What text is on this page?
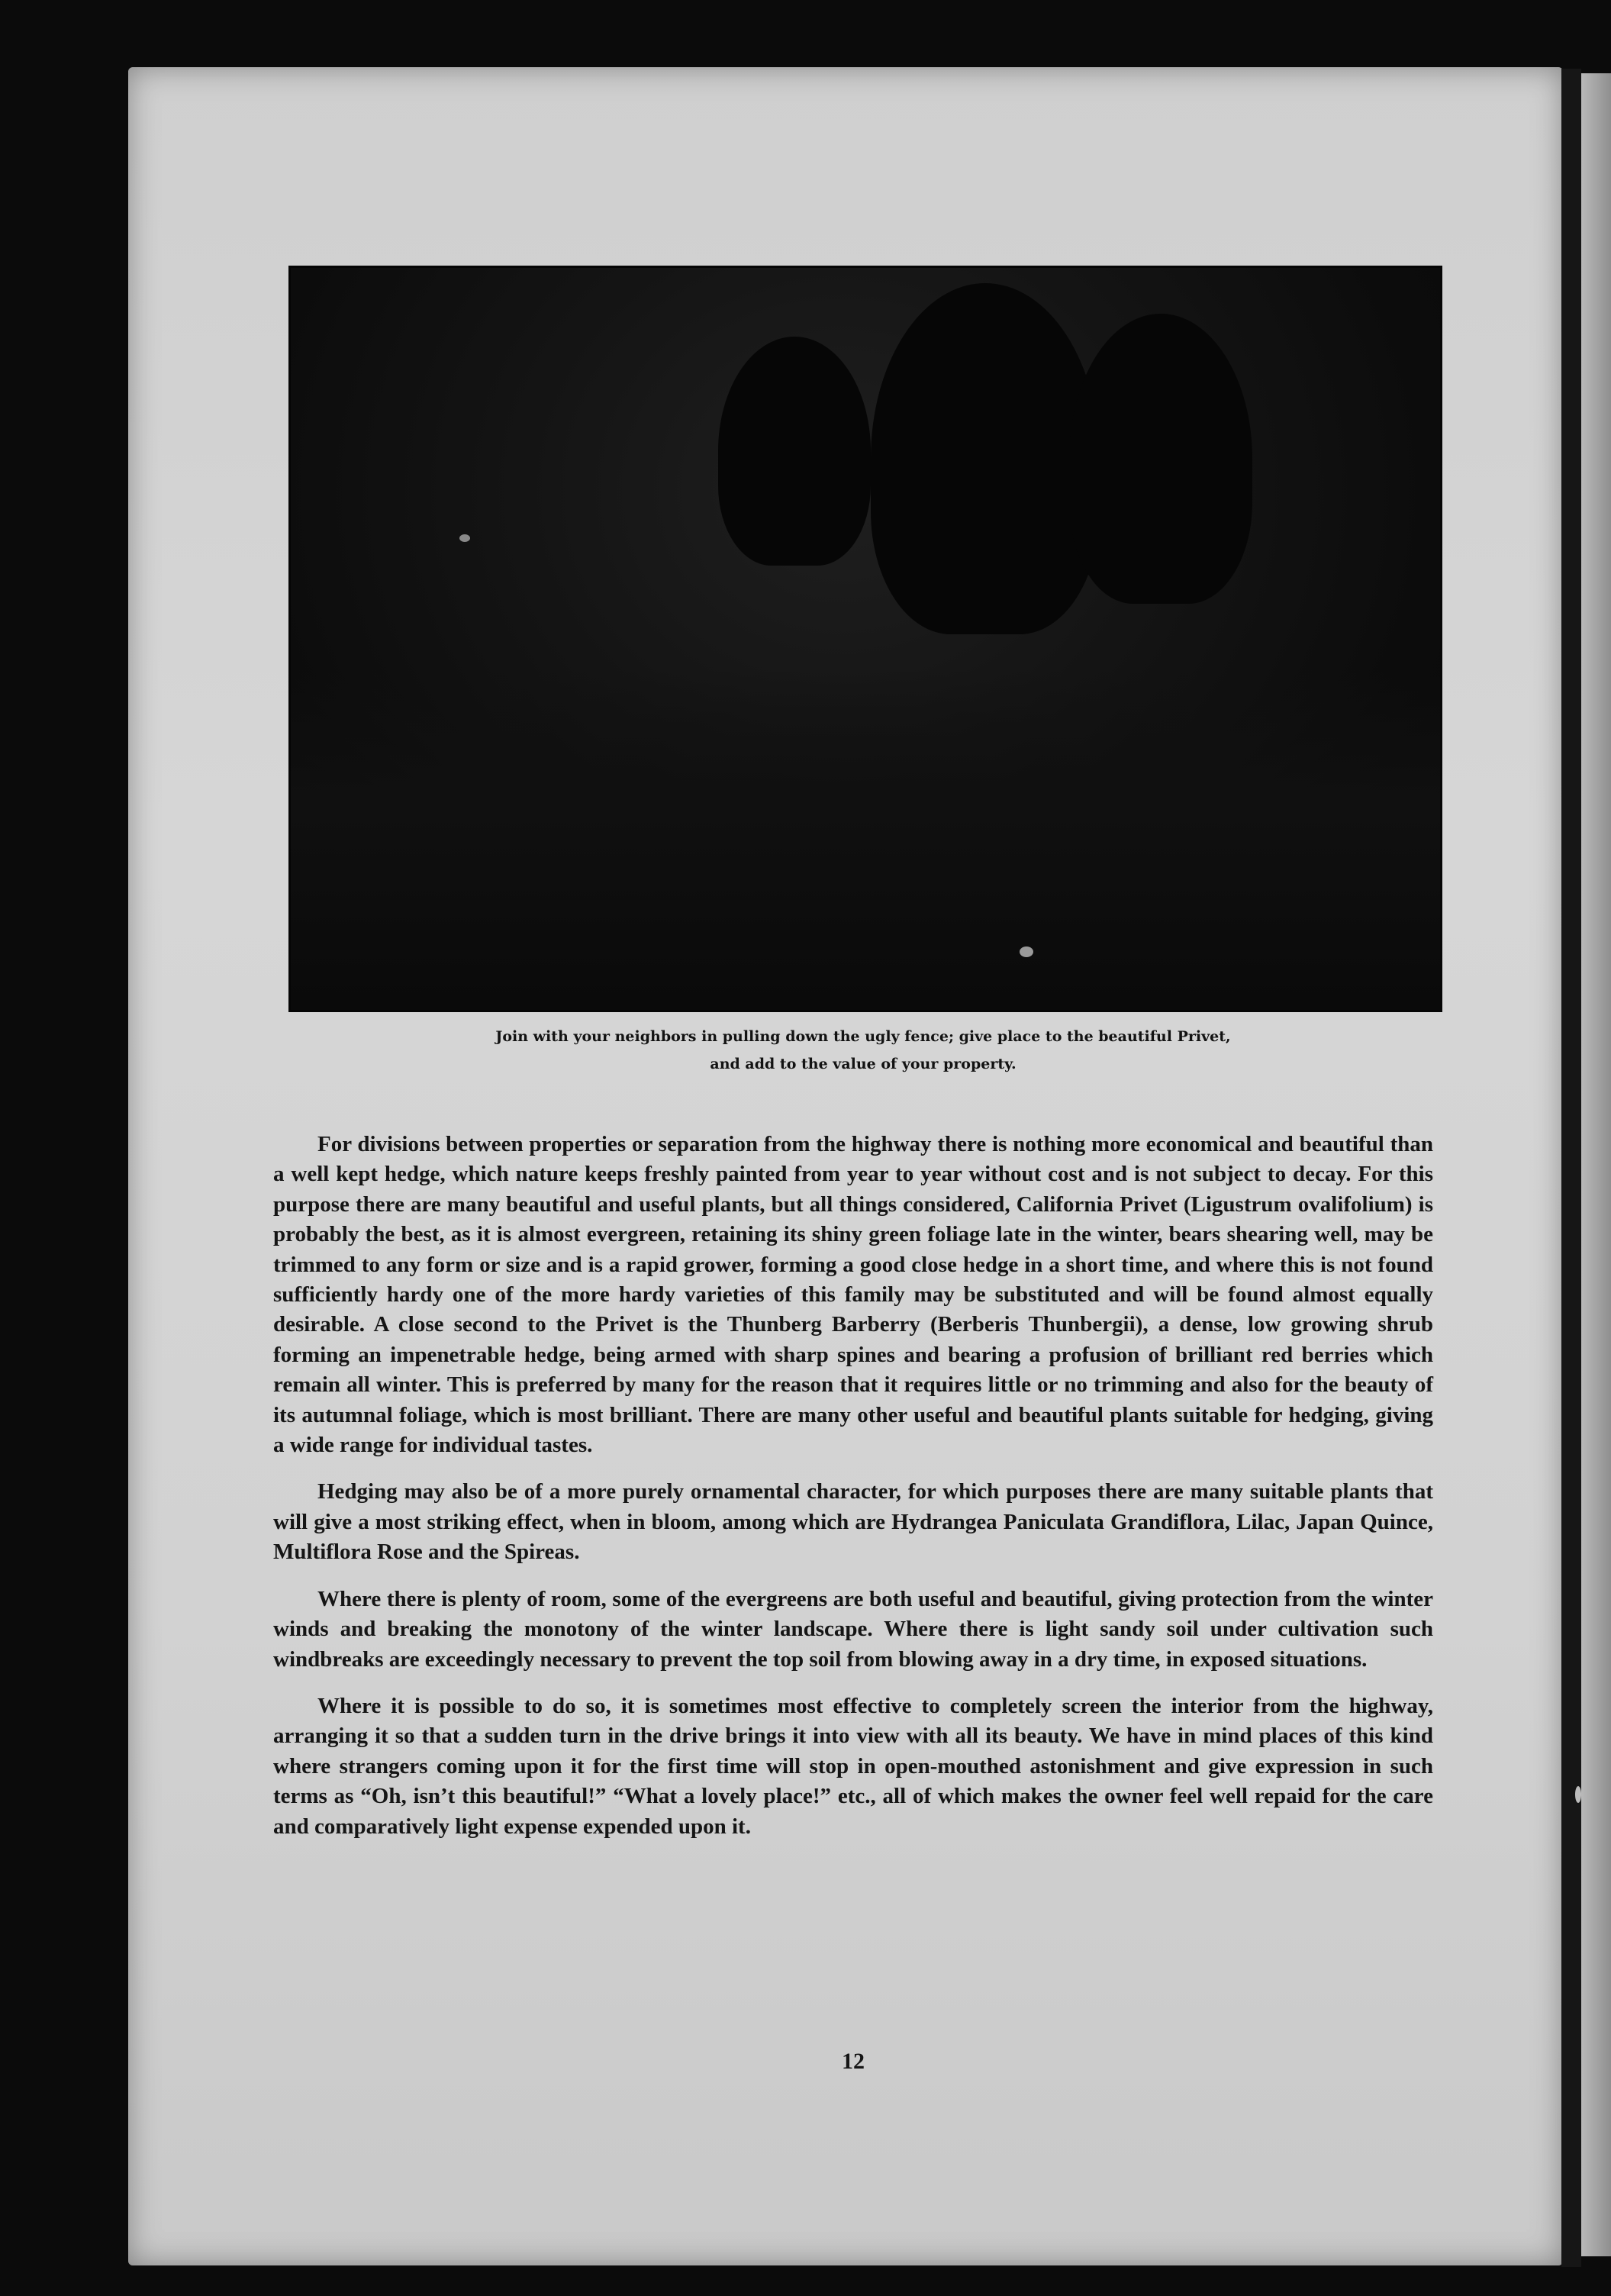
Join with your neighbors in pulling down the ugly fence; give place to the beautiful Privet,
and add to the value of your property.

For divisions between properties or separation from the highway there is nothing more economical and beautiful than a well kept hedge, which nature keeps freshly painted from year to year without cost and is not subject to decay. For this purpose there are many beautiful and useful plants, but all things considered, California Privet (Ligustrum ovalifolium) is probably the best, as it is almost evergreen, retaining its shiny green foliage late in the winter, bears shearing well, may be trimmed to any form or size and is a rapid grower, forming a good close hedge in a short time, and where this is not found sufficiently hardy one of the more hardy varieties of this family may be substituted and will be found almost equally desirable. A close second to the Privet is the Thunberg Barberry (Berberis Thunbergii), a dense, low growing shrub forming an impenetrable hedge, being armed with sharp spines and bearing a profusion of brilliant red berries which remain all winter. This is preferred by many for the reason that it requires little or no trimming and also for the beauty of its autumnal foliage, which is most brilliant. There are many other useful and beautiful plants suitable for hedging, giving a wide range for individual tastes.

Hedging may also be of a more purely ornamental character, for which purposes there are many suitable plants that will give a most striking effect, when in bloom, among which are Hydrangea Paniculata Grandiflora, Lilac, Japan Quince, Multiflora Rose and the Spireas.

Where there is plenty of room, some of the evergreens are both useful and beautiful, giving protection from the winter winds and breaking the monotony of the winter landscape. Where there is light sandy soil under cultivation such windbreaks are exceedingly necessary to prevent the top soil from blowing away in a dry time, in exposed situations.

Where it is possible to do so, it is sometimes most effective to completely screen the interior from the highway, arranging it so that a sudden turn in the drive brings it into view with all its beauty. We have in mind places of this kind where strangers coming upon it for the first time will stop in open-mouthed astonishment and give expression in such terms as “Oh, isn’t this beautiful!” “What a lovely place!” etc., all of which makes the owner feel well repaid for the care and comparatively light expense expended upon it.

12
